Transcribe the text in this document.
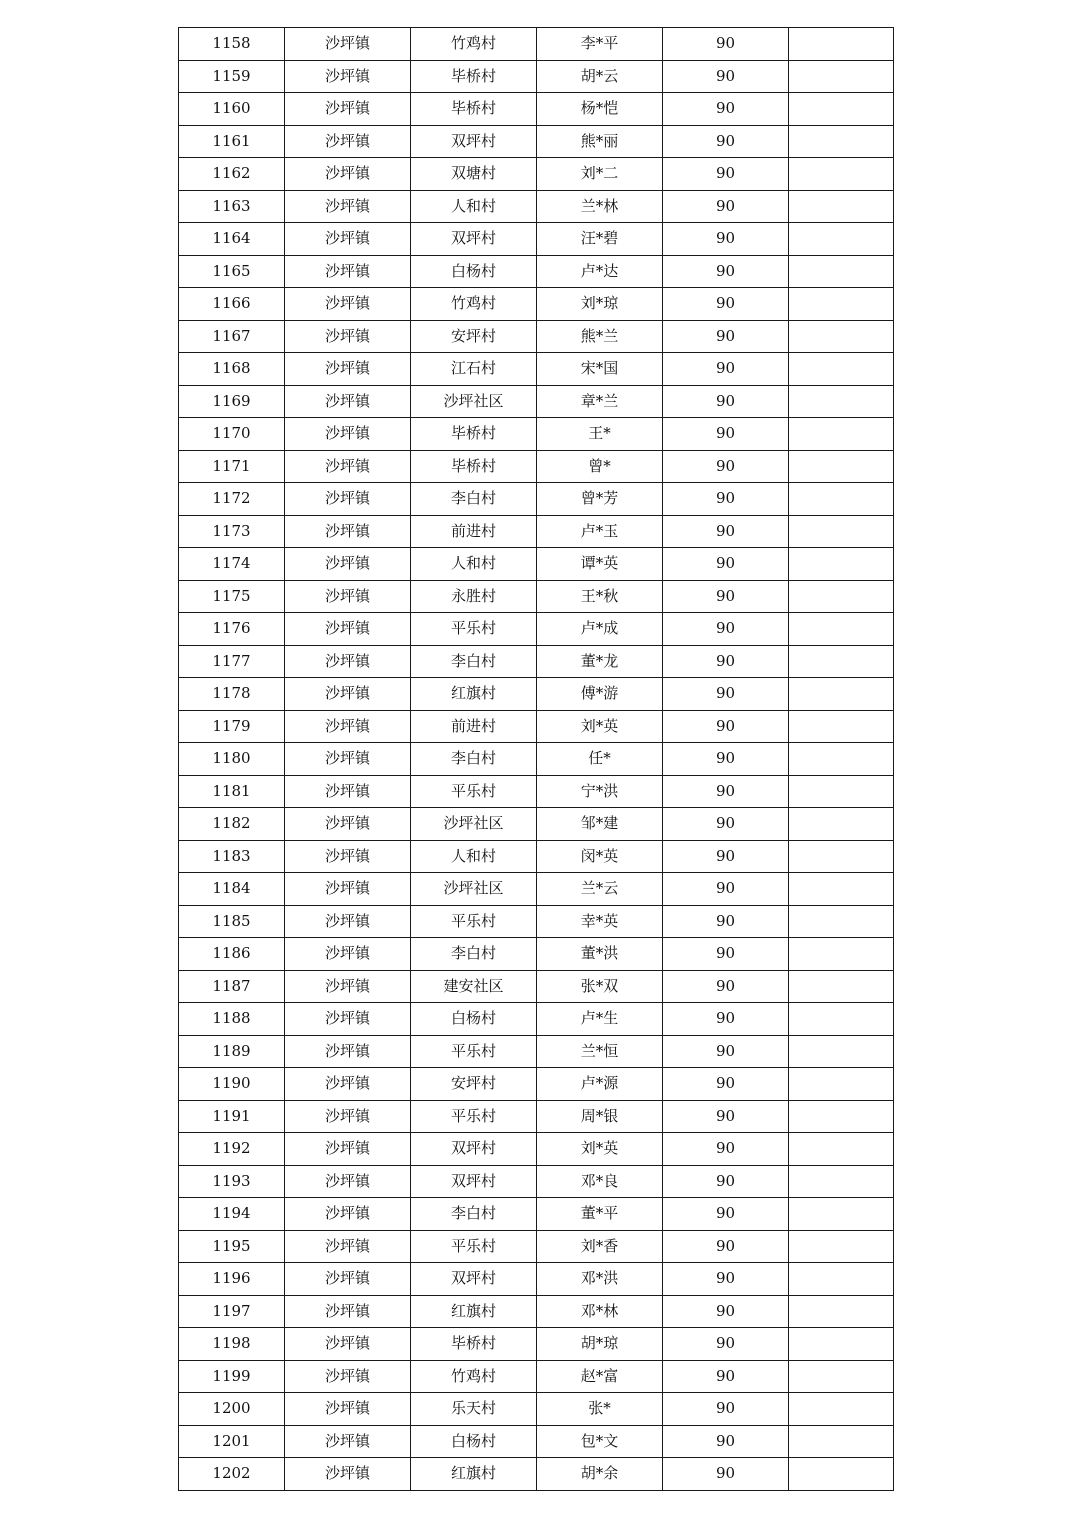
1158	沙坪镇	竹鸡村	李*平	90	
1159	沙坪镇	毕桥村	胡*云	90	
1160	沙坪镇	毕桥村	杨*恺	90	
1161	沙坪镇	双坪村	熊*丽	90	
1162	沙坪镇	双塘村	刘*二	90	
1163	沙坪镇	人和村	兰*林	90	
1164	沙坪镇	双坪村	汪*碧	90	
1165	沙坪镇	白杨村	卢*达	90	
1166	沙坪镇	竹鸡村	刘*琼	90	
1167	沙坪镇	安坪村	熊*兰	90	
1168	沙坪镇	江石村	宋*国	90	
1169	沙坪镇	沙坪社区	章*兰	90	
1170	沙坪镇	毕桥村	王*	90	
1171	沙坪镇	毕桥村	曾*	90	
1172	沙坪镇	李白村	曾*芳	90	
1173	沙坪镇	前进村	卢*玉	90	
1174	沙坪镇	人和村	谭*英	90	
1175	沙坪镇	永胜村	王*秋	90	
1176	沙坪镇	平乐村	卢*成	90	
1177	沙坪镇	李白村	董*龙	90	
1178	沙坪镇	红旗村	傅*游	90	
1179	沙坪镇	前进村	刘*英	90	
1180	沙坪镇	李白村	任*	90	
1181	沙坪镇	平乐村	宁*洪	90	
1182	沙坪镇	沙坪社区	邹*建	90	
1183	沙坪镇	人和村	闵*英	90	
1184	沙坪镇	沙坪社区	兰*云	90	
1185	沙坪镇	平乐村	幸*英	90	
1186	沙坪镇	李白村	董*洪	90	
1187	沙坪镇	建安社区	张*双	90	
1188	沙坪镇	白杨村	卢*生	90	
1189	沙坪镇	平乐村	兰*恒	90	
1190	沙坪镇	安坪村	卢*源	90	
1191	沙坪镇	平乐村	周*银	90	
1192	沙坪镇	双坪村	刘*英	90	
1193	沙坪镇	双坪村	邓*良	90	
1194	沙坪镇	李白村	董*平	90	
1195	沙坪镇	平乐村	刘*香	90	
1196	沙坪镇	双坪村	邓*洪	90	
1197	沙坪镇	红旗村	邓*林	90	
1198	沙坪镇	毕桥村	胡*琼	90	
1199	沙坪镇	竹鸡村	赵*富	90	
1200	沙坪镇	乐天村	张*	90	
1201	沙坪镇	白杨村	包*文	90	
1202	沙坪镇	红旗村	胡*余	90	
